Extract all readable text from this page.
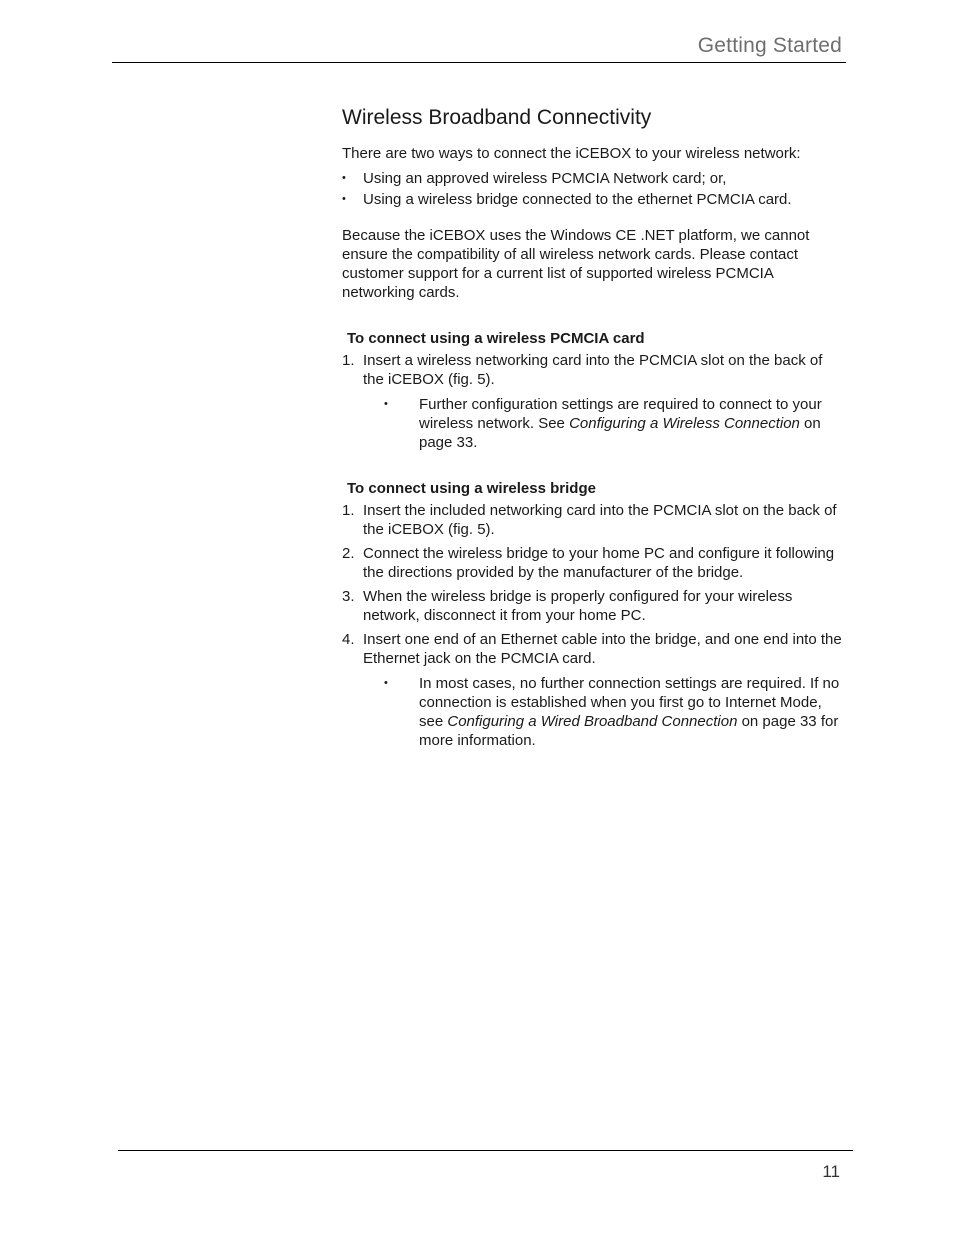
Getting Started
Wireless Broadband Connectivity

There are two ways to connect the iCEBOX to your wireless network:

• Using an approved wireless PCMCIA Network card; or,
• Using a wireless bridge connected to the ethernet PCMCIA card.

Because the iCEBOX uses the Windows CE .NET platform, we cannot ensure the compatibility of all wireless network cards. Please contact customer support for a current list of supported wireless PCMCIA networking cards.

To connect using a wireless PCMCIA card
1. Insert a wireless networking card into the PCMCIA slot on the back of the iCEBOX (fig. 5).
• Further configuration settings are required to connect to your wireless network. See Configuring a Wireless Connection on page 33.
To connect using a wireless bridge
1. Insert the included networking card into the PCMCIA slot on the back of the iCEBOX (fig. 5).
2. Connect the wireless bridge to your home PC and configure it following the directions provided by the manufacturer of the bridge.
3. When the wireless bridge is properly configured for your wireless network, disconnect it from your home PC.
4. Insert one end of an Ethernet cable into the bridge, and one end into the Ethernet jack on the PCMCIA card.
• In most cases, no further connection settings are required. If no connection is established when you first go to Internet Mode, see Configuring a Wired Broadband Connection on page 33 for more information.
11
